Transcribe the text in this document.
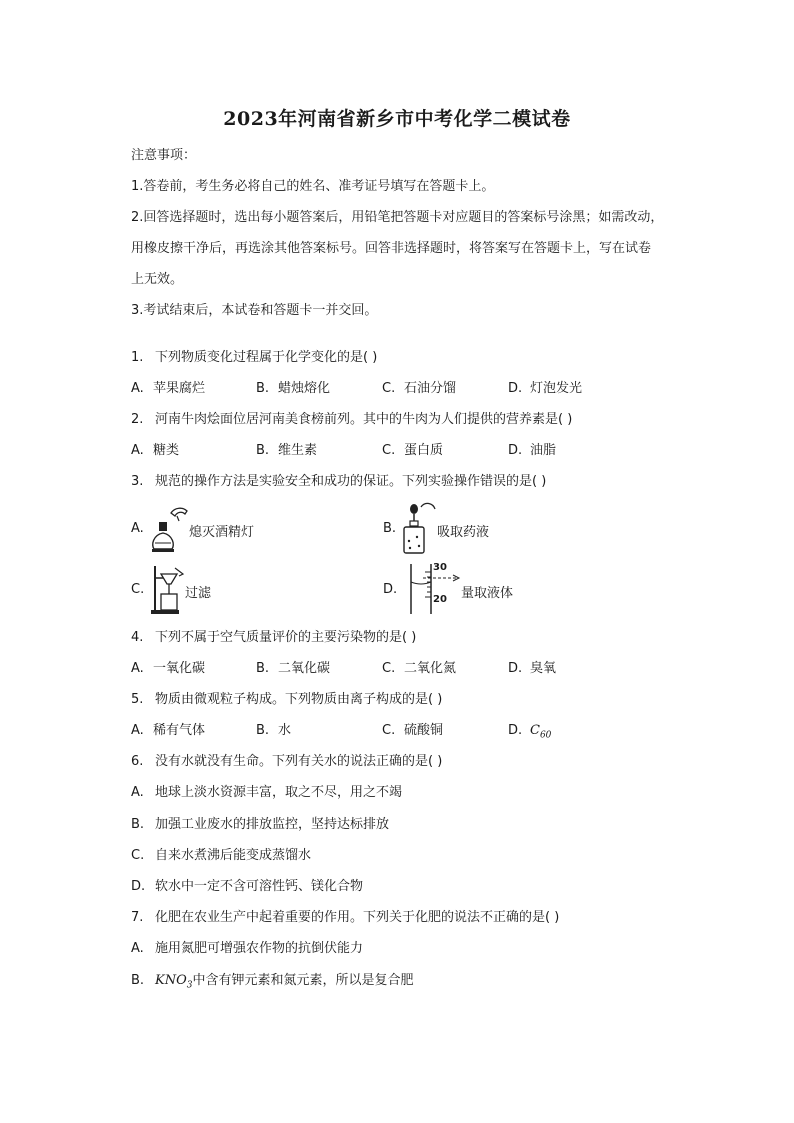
2023年河南省新乡市中考化学二模试卷
注意事项：
1.答卷前，考生务必将自己的姓名、准考证号填写在答题卡上。
2.回答选择题时，选出每小题答案后，用铅笔把答题卡对应题目的答案标号涂黑；如需改动，
用橡皮擦干净后，再选涂其他答案标号。回答非选择题时，将答案写在答题卡上，写在试卷
上无效。
3.考试结束后，本试卷和答题卡一并交回。
1. 下列物质变化过程属于化学变化的是( )
A. 苹果腐烂	B. 蜡烛熔化	C. 石油分馏	D. 灯泡发光
2. 河南牛肉烩面位居河南美食榜前列。其中的牛肉为人们提供的营养素是( )
A. 糖类	B. 维生素	C. 蛋白质	D. 油脂
3. 规范的操作方法是实验安全和成功的保证。下列实验操作错误的是( )
A.	熄灭酒精灯	B.	吸取药液
C.	过滤	D.
30
20 量取液体
4. 下列不属于空气质量评价的主要污染物的是( )
A. 一氧化碳	B. 二氧化碳	C. 二氧化氮	D. 臭氧
5. 物质由微观粒子构成。下列物质由离子构成的是( )
A. 稀有气体	B. 水	C. 硫酸铜	D. $C_{60}$
6. 没有水就没有生命。下列有关水的说法正确的是( )
A. 地球上淡水资源丰富，取之不尽，用之不竭
B. 加强工业废水的排放监控，坚持达标排放
C. 自来水煮沸后能变成蒸馏水
D. 软水中一定不含可溶性钙、镁化合物
7. 化肥在农业生产中起着重要的作用。下列关于化肥的说法不正确的是( )
A. 施用氮肥可增强农作物的抗倒伏能力
B. $KNO_3$中含有钾元素和氮元素，所以是复合肥
